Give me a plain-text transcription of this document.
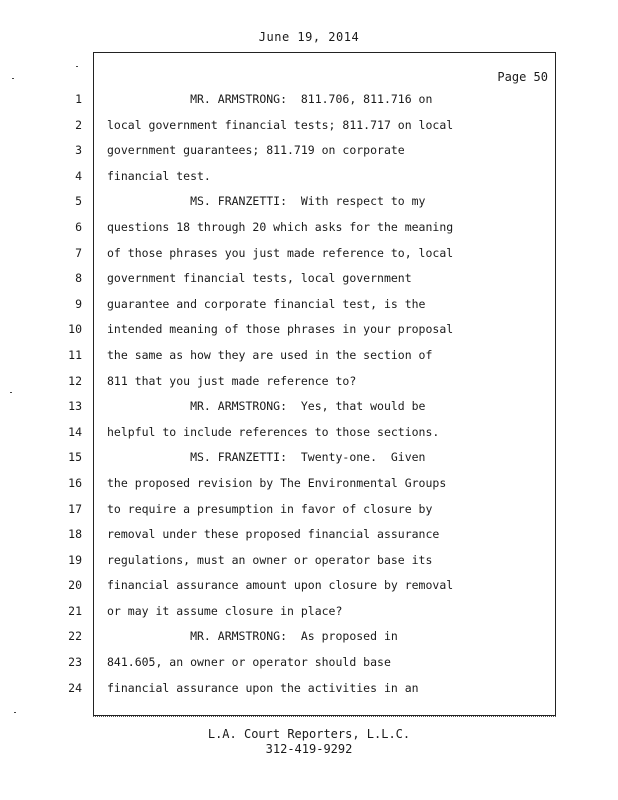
June 19, 2014
Page 50
1
2
3
4
5
6
7
8
9
10
11
12
13
14
15
16
17
18
19
20
21
22
23
24
MR. ARMSTRONG:  811.706, 811.716 on
local government financial tests; 811.717 on local
government guarantees; 811.719 on corporate
financial test.
MS. FRANZETTI:  With respect to my
questions 18 through 20 which asks for the meaning
of those phrases you just made reference to, local
government financial tests, local government
guarantee and corporate financial test, is the
intended meaning of those phrases in your proposal
the same as how they are used in the section of
811 that you just made reference to?
MR. ARMSTRONG:  Yes, that would be
helpful to include references to those sections.
MS. FRANZETTI:  Twenty-one.  Given
the proposed revision by The Environmental Groups
to require a presumption in favor of closure by
removal under these proposed financial assurance
regulations, must an owner or operator base its
financial assurance amount upon closure by removal
or may it assume closure in place?
MR. ARMSTRONG:  As proposed in
841.605, an owner or operator should base
financial assurance upon the activities in an
L.A. Court Reporters, L.L.C.
312-419-9292
